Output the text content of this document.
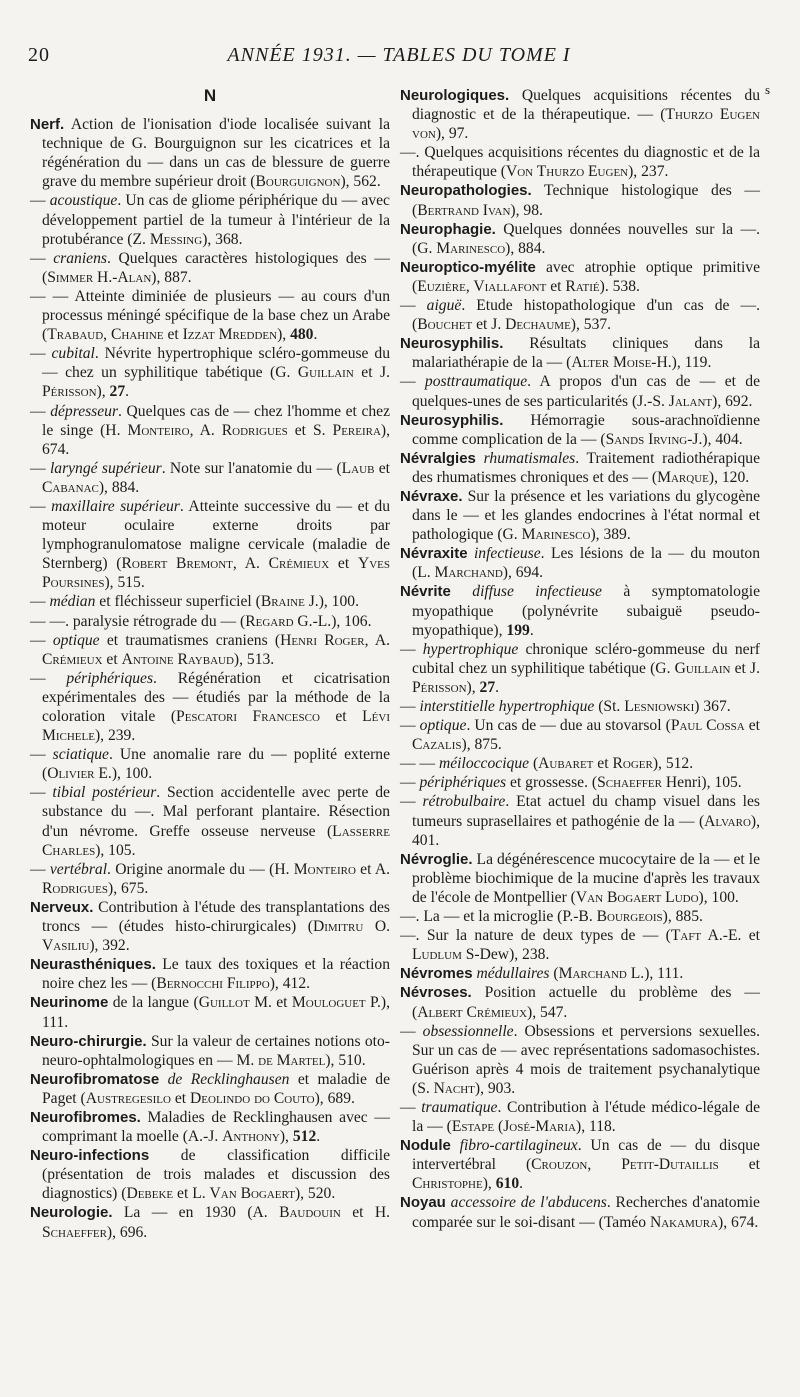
20	ANNÉE 1931. — TABLES DU TOME I
s
N

Nerf. Action de l'ionisation d'iode localisée suivant la technique de G. Bourguignon sur les cicatrices et la régénération du — dans un cas de blessure de guerre grave du membre supérieur droit (Bourguignon), 562.

— acoustique. Un cas de gliome périphérique du — avec développement partiel de la tumeur à l'intérieur de la protubérance (Z. Messing), 368.

— craniens. Quelques caractères histologiques des — (Simmer H.-Alan), 887.

— — Atteinte diminiée de plusieurs — au cours d'un processus méningé spécifique de la base chez un Arabe (Trabaud, Chahine et Izzat Mredden), 480.

— cubital. Névrite hypertrophique scléro-gommeuse du — chez un syphilitique tabétique (G. Guillain et J. Périsson), 27.

— dépresseur. Quelques cas de — chez l'homme et chez le singe (H. Monteiro, A. Rodrigues et S. Pereira), 674.

— laryngé supérieur. Note sur l'anatomie du — (Laub et Cabanac), 884.

— maxillaire supérieur. Atteinte successive du — et du moteur oculaire externe droits par lymphogranulomatose maligne cervicale (maladie de Sternberg) (Robert Bremont, A. Crémieux et Yves Poursines), 515.

— médian et fléchisseur superficiel (Braine J.), 100.

— —. paralysie rétrograde du — (Regard G.-L.), 106.

— optique et traumatismes craniens (Henri Roger, A. Crémieux et Antoine Raybaud), 513.

— périphériques. Régénération et cicatrisation expérimentales des — étudiés par la méthode de la coloration vitale (Pescatori Francesco et Lévi Michele), 239.

— sciatique. Une anomalie rare du — poplité externe (Olivier E.), 100.

— tibial postérieur. Section accidentelle avec perte de substance du —. Mal perforant plantaire. Résection d'un névrome. Greffe osseuse nerveuse (Lasserre Charles), 105.

— vertébral. Origine anormale du — (H. Monteiro et A. Rodrigues), 675.

Nerveux. Contribution à l'étude des transplantations des troncs — (études histo-chirurgicales) (Dimitru O. Vasiliu), 392.

Neurasthéniques. Le taux des toxiques et la réaction noire chez les — (Bernocchi Filippo), 412.

Neurinome de la langue (Guillot M. et Mouloguet P.), 111.

Neuro-chirurgie. Sur la valeur de certaines notions oto-neuro-ophtalmologiques en — M. de Martel), 510.

Neurofibromatose de Recklinghausen et maladie de Paget (Austregesilo et Deolindo do Couto), 689.

Neurofibromes. Maladies de Recklinghausen avec — comprimant la moelle (A.-J. Anthony), 512.

Neuro-infections de classification difficile (présentation de trois malades et discussion des diagnostics) (Debeke et L. Van Bogaert), 520.

Neurologie. La — en 1930 (A. Baudouin et H. Schaeffer), 696.

Neurologiques. Quelques acquisitions récentes du diagnostic et de la thérapeutique. — (Thurzo Eugen von), 97.

—. Quelques acquisitions récentes du diagnostic et de la thérapeutique (Von Thurzo Eugen), 237.

Neuropathologies. Technique histologique des — (Bertrand Ivan), 98.

Neurophagie. Quelques données nouvelles sur la —. (G. Marinesco), 884.

Neuroptico-myélite avec atrophie optique primitive (Euzière, Viallafont et Ratié). 538.

— aiguë. Etude histopathologique d'un cas de —. (Bouchet et J. Dechaume), 537.

Neurosyphilis. Résultats cliniques dans la malariathérapie de la — (Alter Moise-H.), 119.

— posttraumatique. A propos d'un cas de — et de quelques-unes de ses particularités (J.-S. Jalant), 692.

Neurosyphilis. Hémorragie sous-arachnoïdienne comme complication de la — (Sands Irving-J.), 404.

Névralgies rhumatismales. Traitement radiothérapique des rhumatismes chroniques et des — (Marque), 120.

Névraxe. Sur la présence et les variations du glycogène dans le — et les glandes endocrines à l'état normal et pathologique (G. Marinesco), 389.

Névraxite infectieuse. Les lésions de la — du mouton (L. Marchand), 694.

Névrite diffuse infectieuse à symptomatologie myopathique (polynévrite subaiguë pseudo-myopathique), 199.

— hypertrophique chronique scléro-gommeuse du nerf cubital chez un syphilitique tabétique (G. Guillain et J. Périsson), 27.

— interstitielle hypertrophique (St. Lesniowski) 367.

— optique. Un cas de — due au stovarsol (Paul Cossa et Cazalis), 875.

— — méiloccocique (Aubaret et Roger), 512.

— périphériques et grossesse. (Schaeffer Henri), 105.

— rétrobulbaire. Etat actuel du champ visuel dans les tumeurs suprasellaires et pathogénie de la — (Alvaro), 401.

Névroglie. La dégénérescence mucocytaire de la — et le problème biochimique de la mucine d'après les travaux de l'école de Montpellier (Van Bogaert Ludo), 100.

—. La — et la microglie (P.-B. Bourgeois), 885.

—. Sur la nature de deux types de — (Taft A.-E. et Ludlum S-Dew), 238.

Névromes médullaires (Marchand L.), 111.

Névroses. Position actuelle du problème des — (Albert Crémieux), 547.

— obsessionnelle. Obsessions et perversions sexuelles. Sur un cas de — avec représentations sadomasochistes. Guérison après 4 mois de traitement psychanalytique (S. Nacht), 903.

— traumatique. Contribution à l'étude médico-légale de la — (Estape (José-Maria), 118.

Nodule fibro-cartilagineux. Un cas de — du disque intervertébral (Crouzon, Petit-Dutaillis et Christophe), 610.

Noyau accessoire de l'abducens. Recherches d'anatomie comparée sur le soi-disant — (Taméo Nakamura), 674.
